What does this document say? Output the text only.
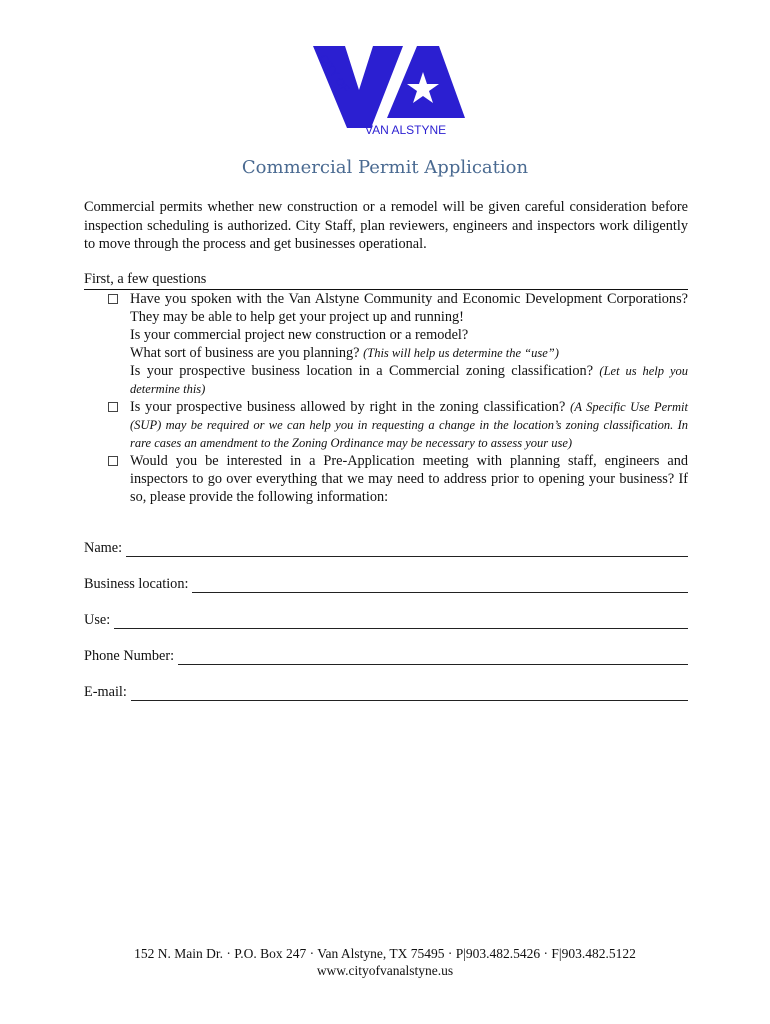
CITY OF
VAN ALSTYNE
Commercial Permit Application

Commercial permits whether new construction or a remodel will be given careful consideration before inspection scheduling is authorized. City Staff, plan reviewers, engineers and inspectors work diligently to move through the process and get businesses operational.

First, a few questions
Have you spoken with the Van Alstyne Community and Economic Development Corporations? They may be able to help get your project up and running!
Is your commercial project new construction or a remodel?
What sort of business are you planning? (This will help us determine the “use”)
Is your prospective business location in a Commercial zoning classification? (Let us help you determine this)
Is your prospective business allowed by right in the zoning classification? (A Specific Use Permit (SUP) may be required or we can help you in requesting a change in the location’s zoning classification. In rare cases an amendment to the Zoning Ordinance may be necessary to assess your use)
Would you be interested in a Pre-Application meeting with planning staff, engineers and inspectors to go over everything that we may need to address prior to opening your business? If so, please provide the following information:
Name:
Business location:
Use:
Phone Number:
E-mail:
152 N. Main Dr. · P.O. Box 247 · Van Alstyne, TX 75495 · P|903.482.5426 · F|903.482.5122
www.cityofvanalstyne.us
